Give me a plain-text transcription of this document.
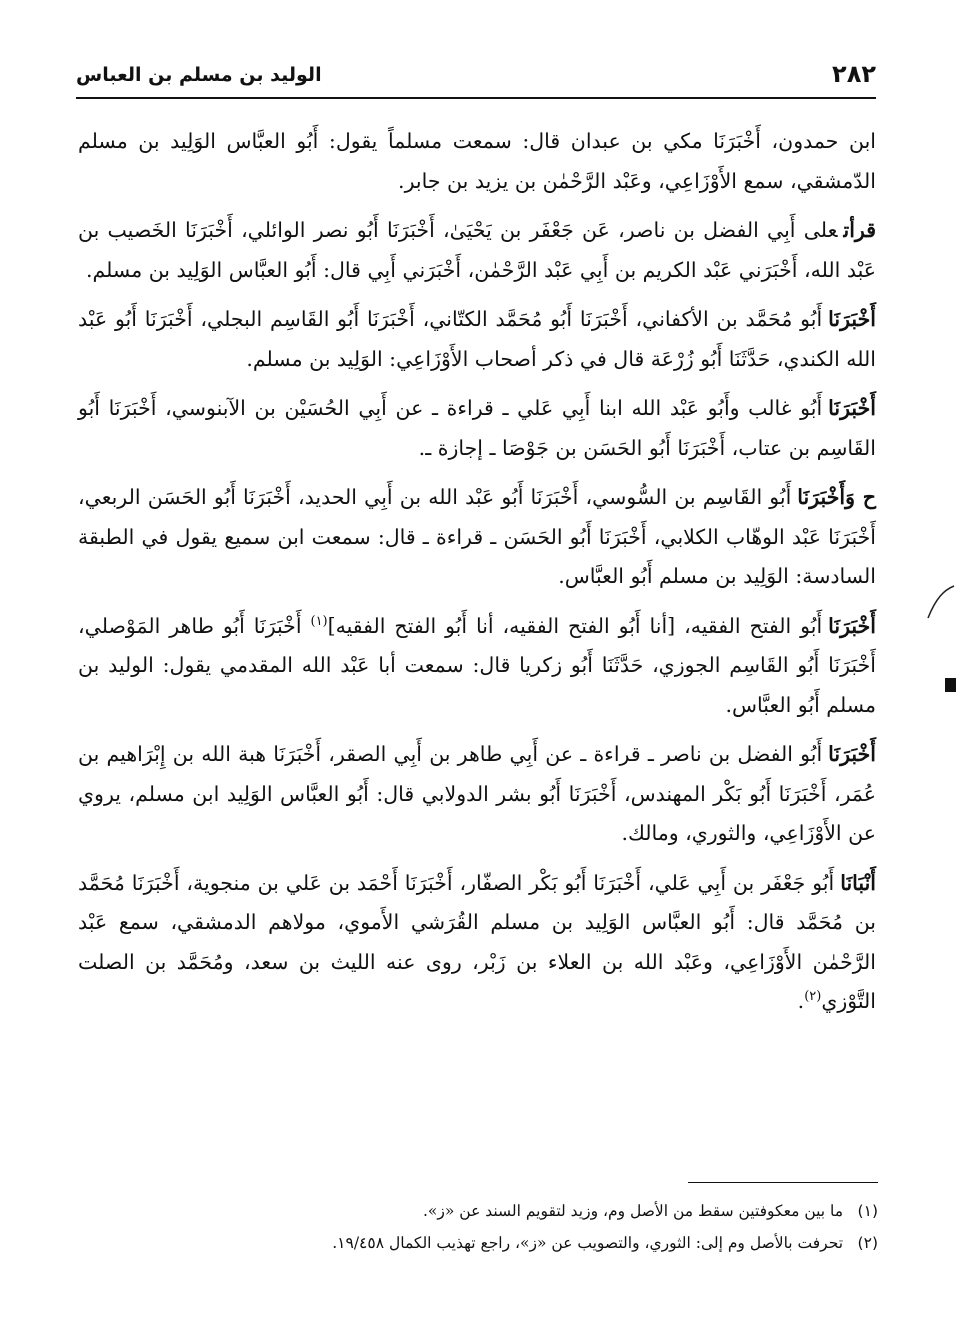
٢٨٢
الوليد بن مسلم بن العباس

ابن حمدون، أَخْبَرَنَا مكي بن عبدان قال: سمعت مسلماً يقول: أَبُو العبَّاس الوَلِيد بن مسلم الدّمشقي، سمع الأَوْزَاعِي، وعَبْد الرَّحْمٰن بن يزيد بن جابر.

قرأتعلى أَبِي الفضل بن ناصر، عَن جَعْفَر بن يَحْيَىٰ، أَخْبَرَنَا أَبُو نصر الوائلي، أَخْبَرَنَا الخَصيب بن عَبْد الله، أَخْبَرَني عَبْد الكريم بن أَبِي عَبْد الرَّحْمٰن، أَخْبَرَني أَبِي قال: أَبُو العبَّاس الوَلِيد بن مسلم.

أَخْبَرَنَاأَبُو مُحَمَّد بن الأكفاني، أَخْبَرَنَا أَبُو مُحَمَّد الكتّاني، أَخْبَرَنَا أَبُو القَاسِم البجلي، أَخْبَرَنَا أَبُو عَبْد الله الكندي، حَدَّثَنَا أَبُو زُرْعَة قال في ذكر أصحاب الأَوْزَاعِي: الوَلِيد بن مسلم.

أَخْبَرَنَاأَبُو غالب وأَبُو عَبْد الله ابنا أَبِي عَلي ـ قراءة ـ عن أَبِي الحُسَيْن بن الآبنوسي، أَخْبَرَنَا أَبُو القَاسِم بن عتاب، أَخْبَرَنَا أَبُو الحَسَن بن جَوْصَا ـ إجازة ـ.

ح وَأَخْبَرَنَاأَبُو القَاسِم بن السُّوسي، أَخْبَرَنَا أَبُو عَبْد الله بن أَبِي الحديد، أَخْبَرَنَا أَبُو الحَسَن الربعي، أَخْبَرَنَا عَبْد الوهّاب الكلابي، أَخْبَرَنَا أَبُو الحَسَن ـ قراءة ـ قال: سمعت ابن سميع يقول في الطبقة السادسة: الوَلِيد بن مسلم أَبُو العبَّاس.

أَخْبَرَنَاأَبُو الفتح الفقيه، [أنا أَبُو الفتح الفقيه، أنا أَبُو الفتح الفقيه]$^{(١)}$ أَخْبَرَنَا أَبُو طاهر المَوْصلي، أَخْبَرَنَا أَبُو القَاسِم الجوزي، حَدَّثَنَا أَبُو زكريا قال: سمعت أبا عَبْد الله المقدمي يقول: الوليد بن مسلم أَبُو العبَّاس.

أَخْبَرَنَاأَبُو الفضل بن ناصر ـ قراءة ـ عن أَبِي طاهر بن أَبِي الصقر، أَخْبَرَنَا هبة الله بن إِبْرَاهيم بن عُمَر، أَخْبَرَنَا أَبُو بَكْر المهندس، أَخْبَرَنَا أَبُو بشر الدولابي قال: أَبُو العبَّاس الوَلِيد ابن مسلم، يروي عن الأَوْزَاعِي، والثوري، ومالك.

أَنْبَانَاأَبُو جَعْفَر بن أَبِي عَلي، أَخْبَرَنَا أَبُو بَكْر الصفّار، أَخْبَرَنَا أَحْمَد بن عَلي بن منجوية، أَخْبَرَنَا مُحَمَّد بن مُحَمَّد قال: أَبُو العبَّاس الوَلِيد بن مسلم القُرَشي الأَموي، مولاهم الدمشقي، سمع عَبْد الرَّحْمٰن الأَوْزَاعِي، وعَبْد الله بن العلاء بن زَبْر، روى عنه الليث بن سعد، ومُحَمَّد بن الصلت التَّوْزي$^{(٢)}$.

(١) ما بين معكوفتين سقط من الأصل وم، وزيد لتقويم السند عن «ز».

(٢) تحرفت بالأصل وم إلى: الثوري، والتصويب عن «ز»، راجع تهذيب الكمال ١٩/٤٥٨.
